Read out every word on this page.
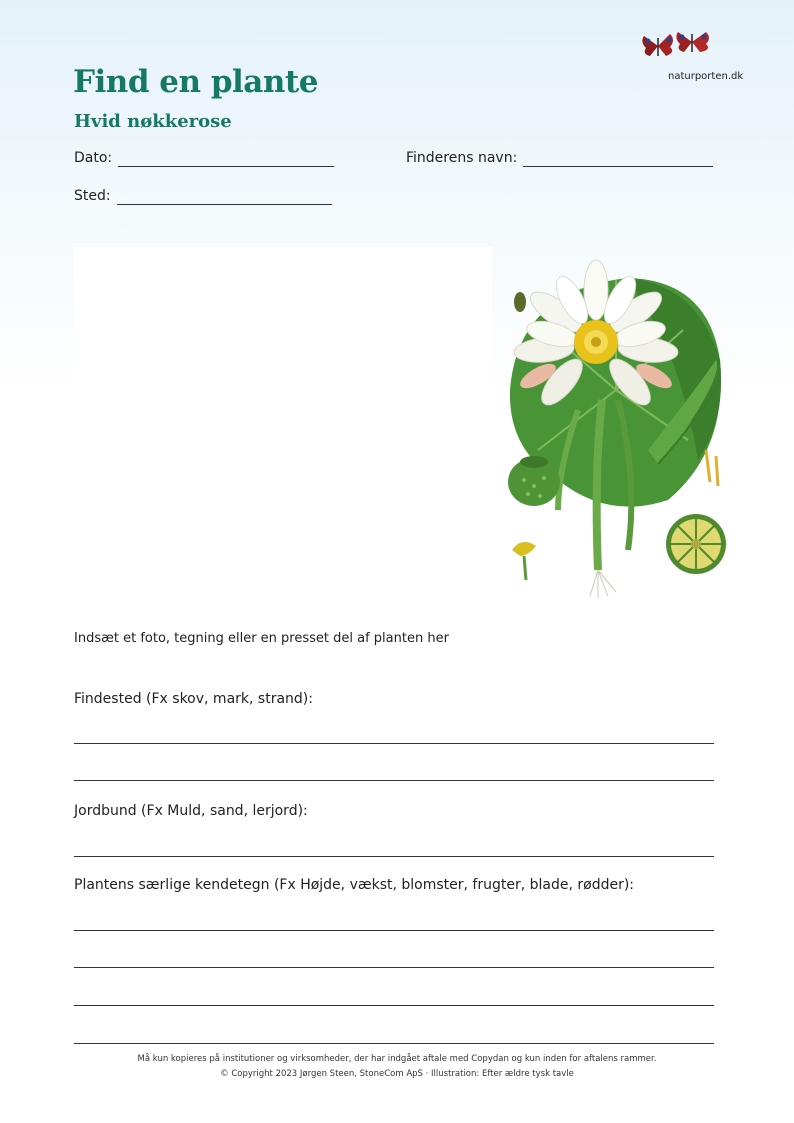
naturporten.dk
Find en plante
Hvid nøkkerose
Dato:	Finderens navn:
Sted:
Indsæt et foto, tegning eller en presset del af planten her
Findested (Fx skov, mark, strand):
Jordbund (Fx Muld, sand, lerjord):
Plantens særlige kendetegn (Fx Højde, vækst, blomster, frugter, blade, rødder):
Må kun kopieres på institutioner og virksomheder, der har indgået aftale med Copydan og kun inden for aftalens rammer.
© Copyright 2023 Jørgen Steen, StoneCom ApS · Illustration: Efter ældre tysk tavle
